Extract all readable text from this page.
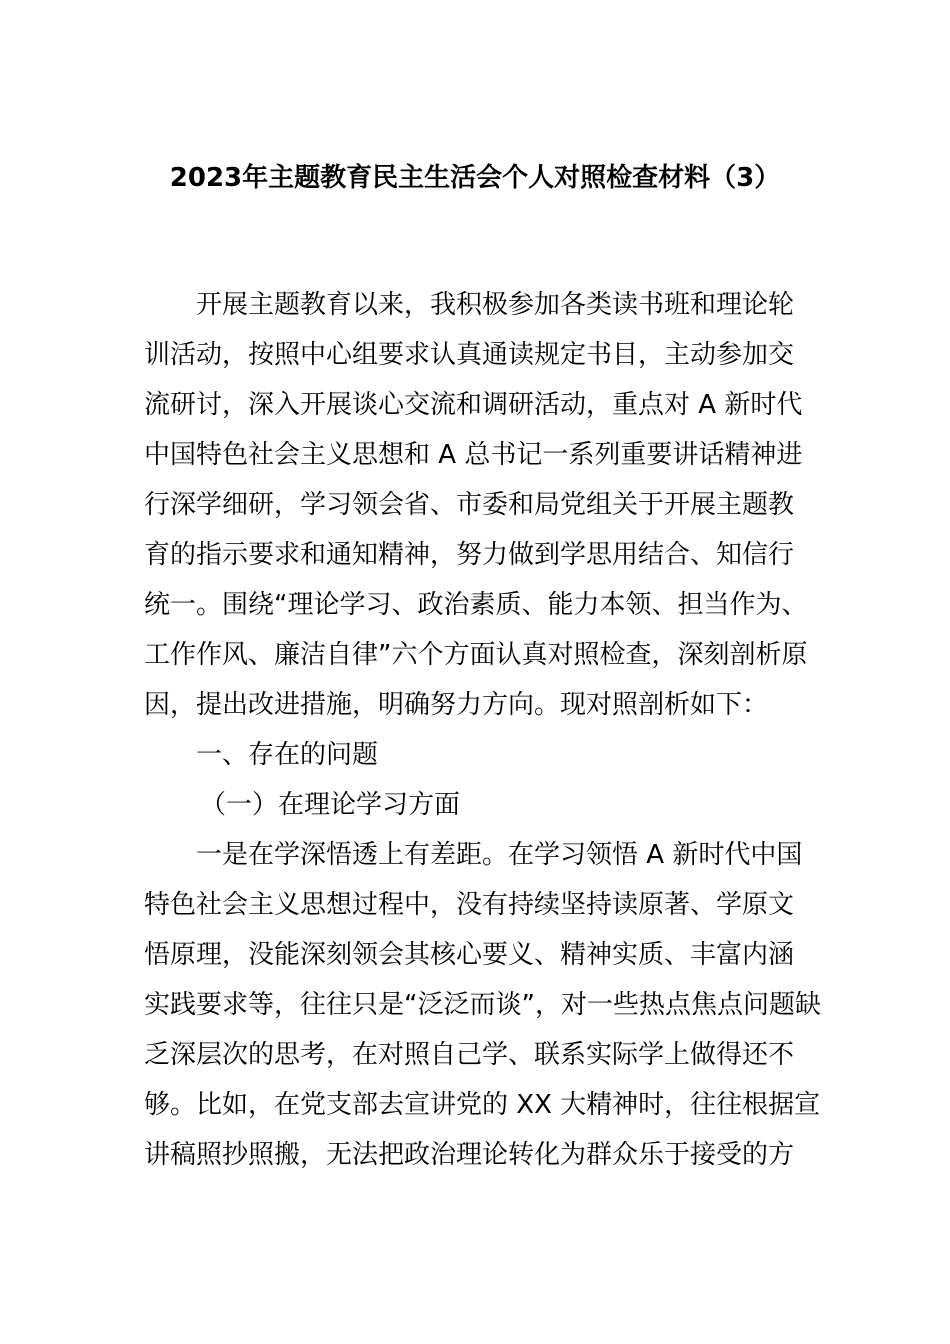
2023年主题教育民主生活会个人对照检查材料（3）
开展主题教育以来，我积极参加各类读书班和理论轮
训活动，按照中心组要求认真通读规定书目，主动参加交
流研讨，深入开展谈心交流和调研活动，重点对 A 新时代
中国特色社会主义思想和 A 总书记一系列重要讲话精神进
行深学细研，学习领会省、市委和局党组关于开展主题教
育的指示要求和通知精神，努力做到学思用结合、知信行
统一。围绕“理论学习、政治素质、能力本领、担当作为、
工作作风、廉洁自律”六个方面认真对照检查，深刻剖析原
因，提出改进措施，明确努力方向。现对照剖析如下：
一、存在的问题
（一）在理论学习方面
一是在学深悟透上有差距。在学习领悟 A 新时代中国
特色社会主义思想过程中，没有持续坚持读原著、学原文
悟原理，没能深刻领会其核心要义、精神实质、丰富内涵
实践要求等，往往只是“泛泛而谈”，对一些热点焦点问题缺
乏深层次的思考，在对照自己学、联系实际学上做得还不
够。比如，在党支部去宣讲党的 XX 大精神时，往往根据宣
讲稿照抄照搬，无法把政治理论转化为群众乐于接受的方
